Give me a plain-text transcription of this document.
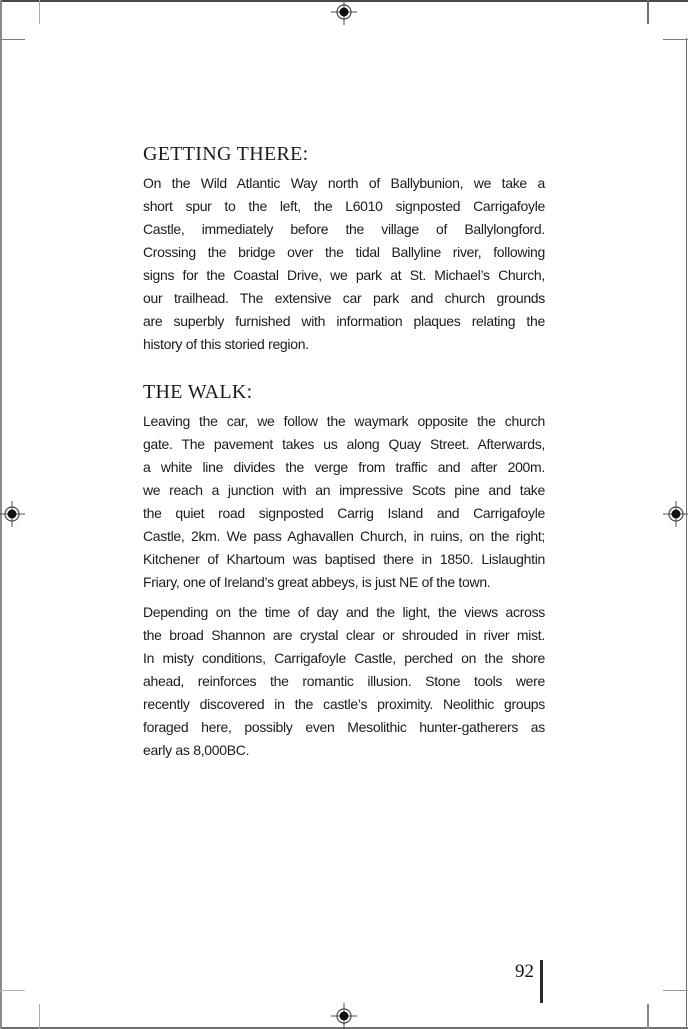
GETTING THERE:
On the Wild Atlantic Way north of Ballybunion, we take a
short spur to the left, the L6010 signposted Carrigafoyle
Castle, immediately before the village of Ballylongford.
Crossing the bridge over the tidal Ballyline river, following
signs for the Coastal Drive, we park at St. Michael’s Church,
our trailhead. The extensive car park and church grounds
are superbly furnished with information plaques relating the
history of this storied region.
THE WALK:
Leaving the car, we follow the waymark opposite the church
gate. The pavement takes us along Quay Street. Afterwards,
a white line divides the verge from traffic and after 200m.
we reach a junction with an impressive Scots pine and take
the quiet road signposted Carrig Island and Carrigafoyle
Castle, 2km. We pass Aghavallen Church, in ruins, on the right;
Kitchener of Khartoum was baptised there in 1850. Lislaughtin
Friary, one of Ireland’s great abbeys, is just NE of the town.
Depending on the time of day and the light, the views across
the broad Shannon are crystal clear or shrouded in river mist.
In misty conditions, Carrigafoyle Castle, perched on the shore
ahead, reinforces the romantic illusion. Stone tools were
recently discovered in the castle’s proximity. Neolithic groups
foraged here, possibly even Mesolithic hunter-gatherers as
early as 8,000BC.
92
